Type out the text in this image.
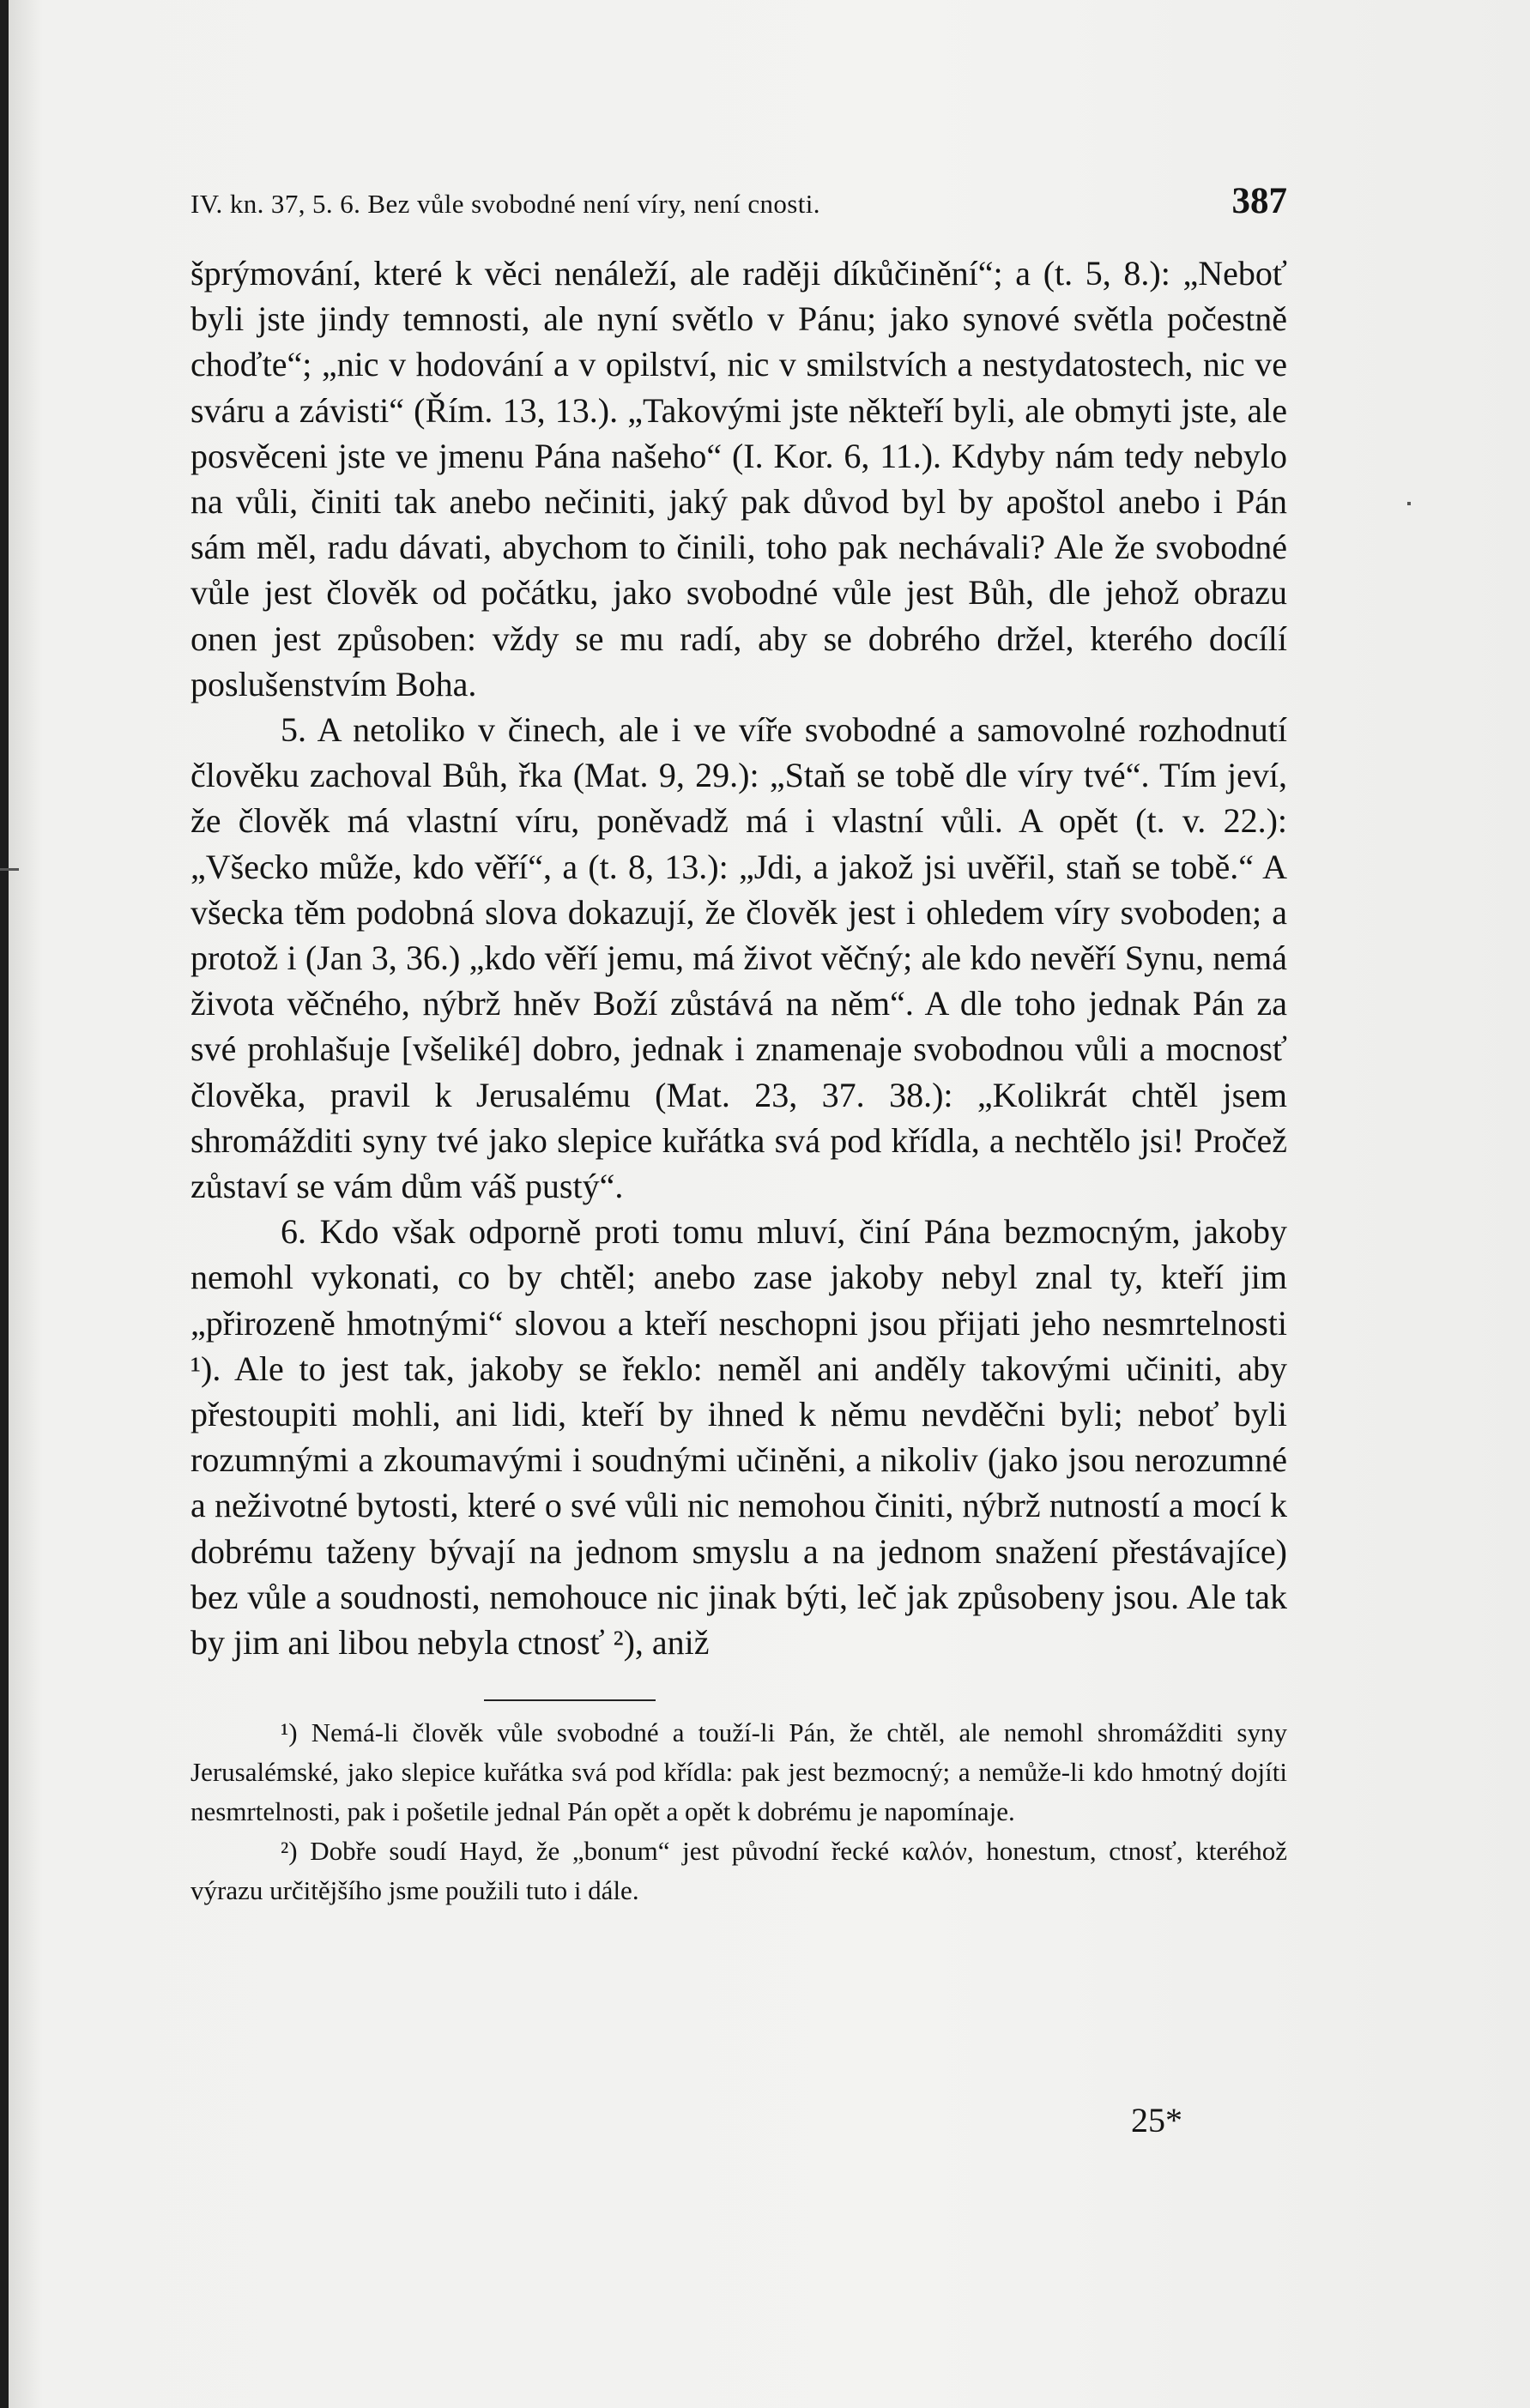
IV. kn. 37, 5. 6. Bez vůle svobodné není víry, není cnosti.	387

šprýmování, které k věci nenáleží, ale raději díkůčinění“; a (t. 5, 8.): „Neboť byli jste jindy temnosti, ale nyní světlo v Pánu; jako synové světla počestně choďte“; „nic v hodování a v opilství, nic v smilstvích a nestydatostech, nic ve sváru a závisti“ (Řím. 13, 13.). „Takovými jste někteří byli, ale obmyti jste, ale posvěceni jste ve jmenu Pána našeho“ (I. Kor. 6, 11.). Kdyby nám tedy nebylo na vůli, činiti tak anebo nečiniti, jaký pak důvod byl by apoštol anebo i Pán sám měl, radu dávati, abychom to činili, toho pak nechávali? Ale že svobodné vůle jest člověk od počátku, jako svobodné vůle jest Bůh, dle jehož obrazu onen jest způsoben: vždy se mu radí, aby se dobrého držel, kterého docílí poslušenstvím Boha.

5. A netoliko v činech, ale i ve víře svobodné a samovolné rozhodnutí člověku zachoval Bůh, řka (Mat. 9, 29.): „Staň se tobě dle víry tvé“. Tím jeví, že člověk má vlastní víru, poněvadž má i vlastní vůli. A opět (t. v. 22.): „Všecko může, kdo věří“, a (t. 8, 13.): „Jdi, a jakož jsi uvěřil, staň se tobě.“ A všecka těm podobná slova dokazují, že člověk jest i ohledem víry svoboden; a protož i (Jan 3, 36.) „kdo věří jemu, má život věčný; ale kdo nevěří Synu, nemá života věčného, nýbrž hněv Boží zůstává na něm“. A dle toho jednak Pán za své prohlašuje [všeliké] dobro, jednak i znamenaje svobodnou vůli a mocnosť člověka, pravil k Jerusalému (Mat. 23, 37. 38.): „Kolikrát chtěl jsem shromážditi syny tvé jako slepice kuřátka svá pod křídla, a nechtělo jsi! Pročež zůstaví se vám dům váš pustý“.

6. Kdo však odporně proti tomu mluví, činí Pána bezmocným, jakoby nemohl vykonati, co by chtěl; anebo zase jakoby nebyl znal ty, kteří jim „přirozeně hmotnými“ slovou a kteří neschopni jsou přijati jeho nesmrtelnosti ¹). Ale to jest tak, jakoby se řeklo: neměl ani anděly takovými učiniti, aby přestoupiti mohli, ani lidi, kteří by ihned k němu nevděčni byli; neboť byli rozumnými a zkoumavými i soudnými učiněni, a nikoliv (jako jsou nerozumné a neživotné bytosti, které o své vůli nic nemohou činiti, nýbrž nutností a mocí k dobrému taženy bývají na jednom smyslu a na jednom snažení přestávajíce) bez vůle a soudnosti, nemohouce nic jinak býti, leč jak způsobeny jsou. Ale tak by jim ani libou nebyla ctnosť ²), aniž

¹) Nemá-li člověk vůle svobodné a touží-li Pán, že chtěl, ale nemohl shromážditi syny Jerusalémské, jako slepice kuřátka svá pod křídla: pak jest bezmocný; a nemůže-li kdo hmotný dojíti nesmrtelnosti, pak i pošetile jednal Pán opět a opět k dobrému je napomínaje.

²) Dobře soudí Hayd, že „bonum“ jest původní řecké καλόν, honestum, ctnosť, kteréhož výrazu určitějšího jsme použili tuto i dále.

25*
